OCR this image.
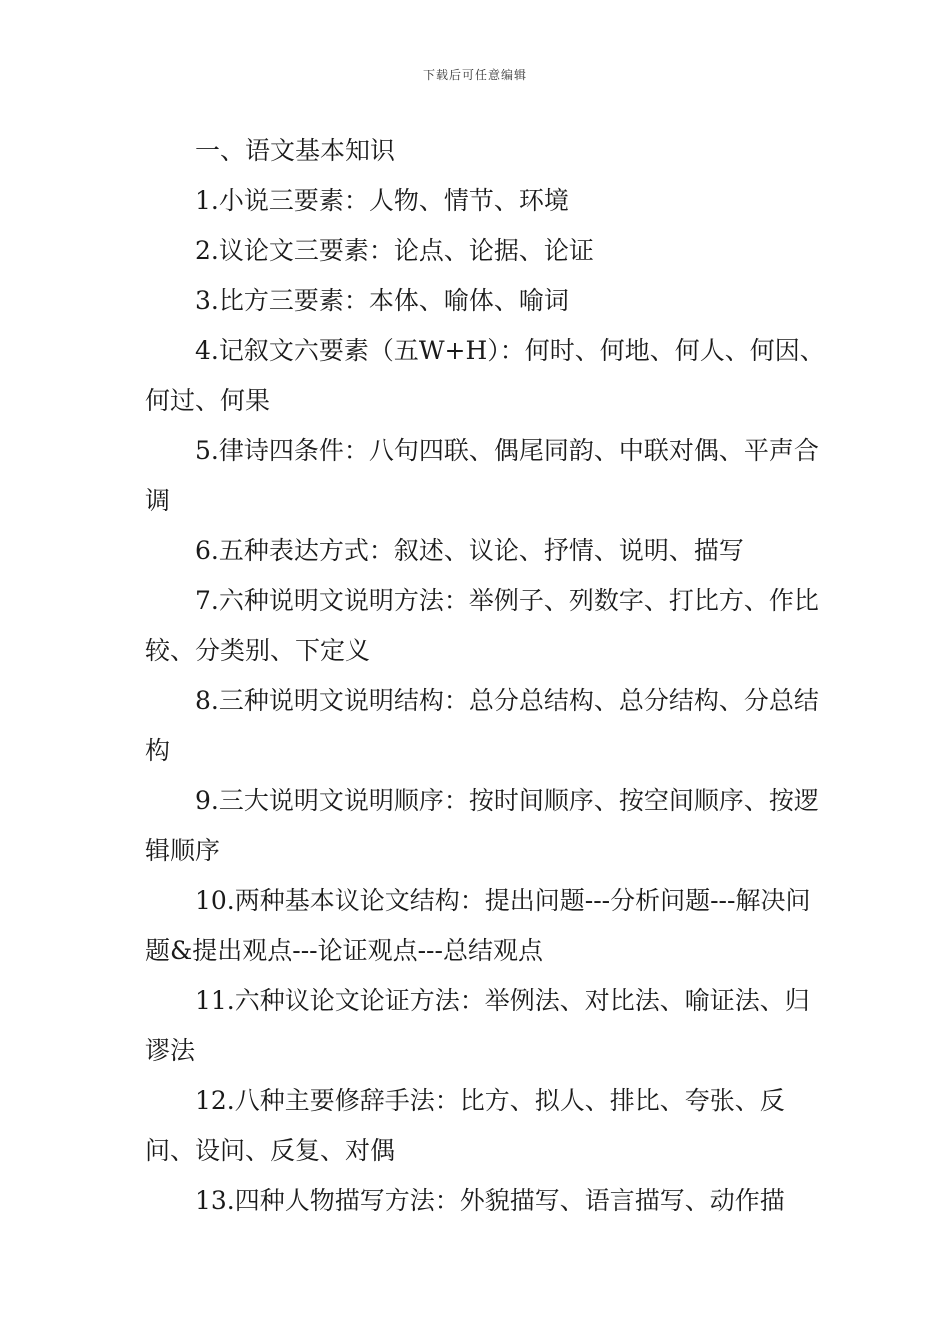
下载后可任意编辑

一、语文基本知识

1.小说三要素：人物、情节、环境

2.议论文三要素：论点、论据、论证

3.比方三要素：本体、喻体、喻词

4.记叙文六要素（五W+H）：何时、何地、何人、何因、何过、何果

5.律诗四条件：八句四联、偶尾同韵、中联对偶、平声合调

6.五种表达方式：叙述、议论、抒情、说明、描写

7.六种说明文说明方法：举例子、列数字、打比方、作比较、分类别、下定义

8.三种说明文说明结构：总分总结构、总分结构、分总结构

9.三大说明文说明顺序：按时间顺序、按空间顺序、按逻辑顺序

10.两种基本议论文结构：提出问题---分析问题---解决问题&提出观点---论证观点---总结观点

11.六种议论文论证方法：举例法、对比法、喻证法、归谬法

12.八种主要修辞手法：比方、拟人、排比、夸张、反问、设问、反复、对偶

13.四种人物描写方法：外貌描写、语言描写、动作描
